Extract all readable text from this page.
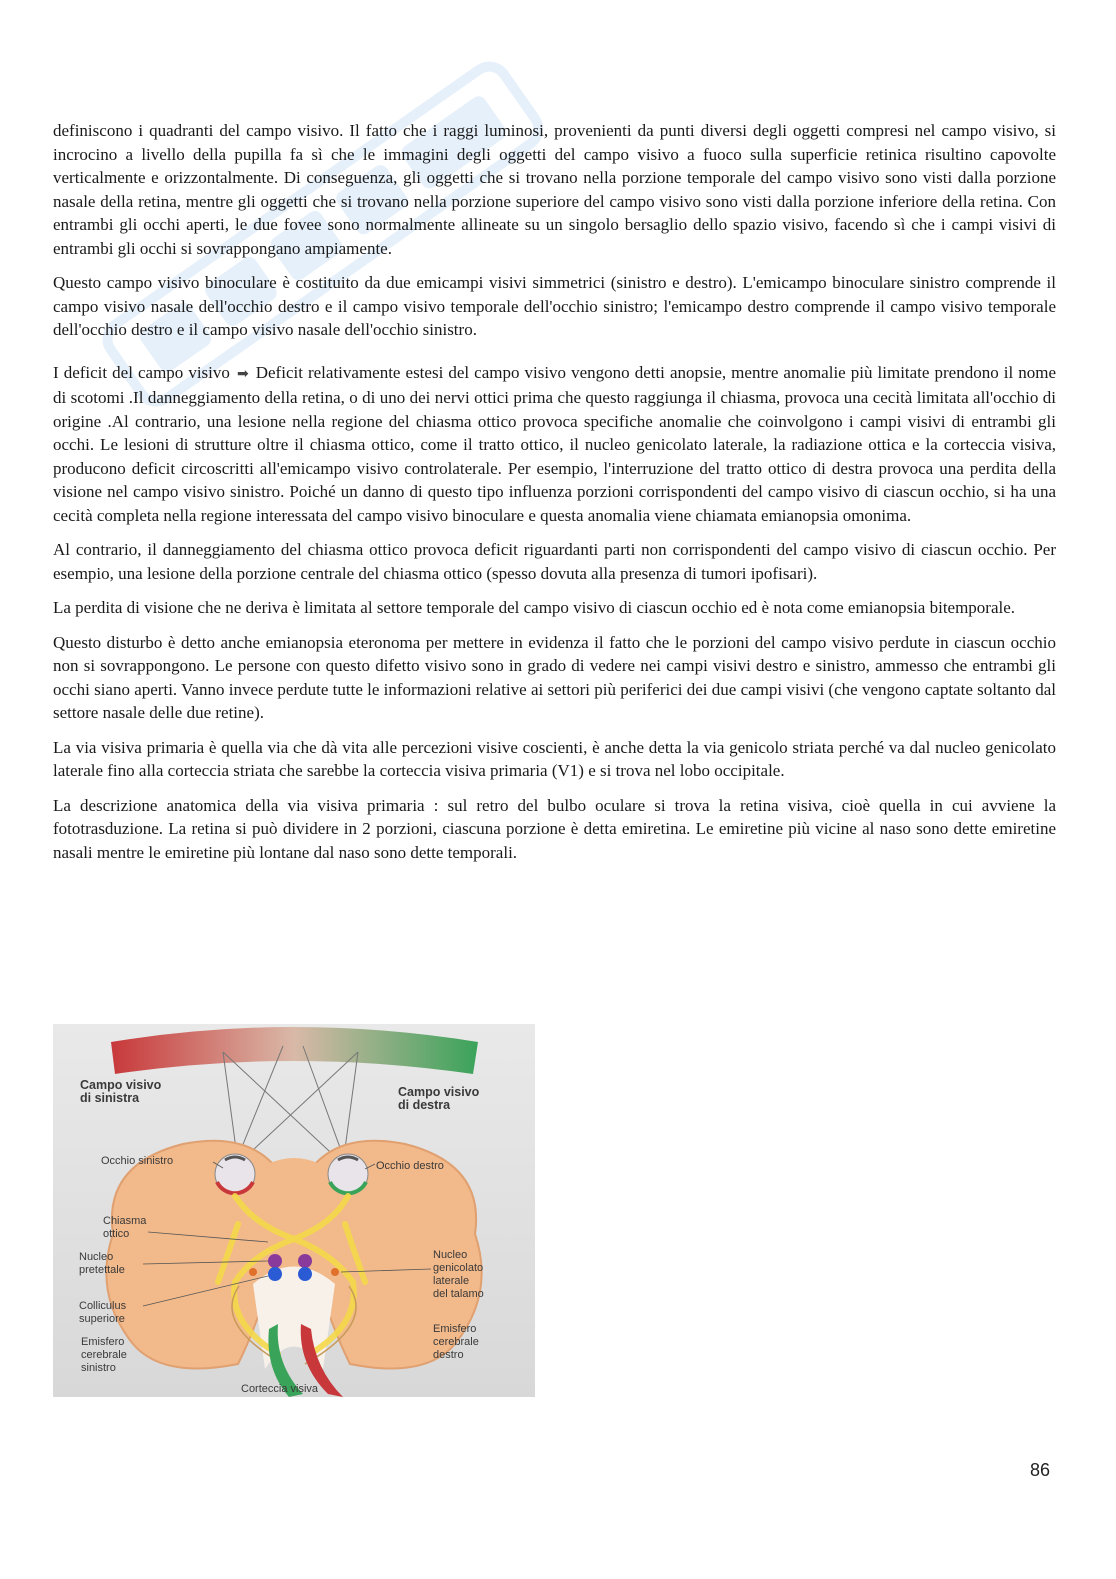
definiscono i quadranti del campo visivo. Il fatto che i raggi luminosi, provenienti da punti diversi degli oggetti compresi nel campo visivo, si incrocino a livello della pupilla fa sì che le immagini degli oggetti del campo visivo a fuoco sulla superficie retinica risultino capovolte verticalmente e orizzontalmente. Di conseguenza, gli oggetti che si trovano nella porzione temporale del campo visivo sono visti dalla porzione nasale della retina, mentre gli oggetti che si trovano nella porzione superiore del campo visivo sono visti dalla porzione inferiore della retina. Con entrambi gli occhi aperti, le due fovee sono normalmente allineate su un singolo bersaglio dello spazio visivo, facendo sì che i campi visivi di entrambi gli occhi si sovrappongano ampiamente.

Questo campo visivo binoculare è costituito da due emicampi visivi simmetrici (sinistro e destro). L'emicampo binoculare sinistro comprende il campo visivo nasale dell'occhio destro e il campo visivo temporale dell'occhio sinistro; l'emicampo destro comprende il campo visivo temporale dell'occhio destro e il campo visivo nasale dell'occhio sinistro.

I deficit del campo visivo ➡ Deficit relativamente estesi del campo visivo vengono detti anopsie, mentre anomalie più limitate prendono il nome di scotomi .Il danneggiamento della retina, o di uno dei nervi ottici prima che questo raggiunga il chiasma, provoca una cecità limitata all'occhio di origine .Al contrario, una lesione nella regione del chiasma ottico provoca specifiche anomalie che coinvolgono i campi visivi di entrambi gli occhi. Le lesioni di strutture oltre il chiasma ottico, come il tratto ottico, il nucleo genicolato laterale, la radiazione ottica e la corteccia visiva, producono deficit circoscritti all'emicampo visivo controlaterale. Per esempio, l'interruzione del tratto ottico di destra provoca una perdita della visione nel campo visivo sinistro. Poiché un danno di questo tipo influenza porzioni corrispondenti del campo visivo di ciascun occhio, si ha una cecità completa nella regione interessata del campo visivo binoculare e questa anomalia viene chiamata emianopsia omonima.

Al contrario, il danneggiamento del chiasma ottico provoca deficit riguardanti parti non corrispondenti del campo visivo di ciascun occhio. Per esempio, una lesione della porzione centrale del chiasma ottico (spesso dovuta alla presenza di tumori ipofisari).

La perdita di visione che ne deriva è limitata al settore temporale del campo visivo di ciascun occhio ed è nota come emianopsia bitemporale.

Questo disturbo è detto anche emianopsia eteronoma per mettere in evidenza il fatto che le porzioni del campo visivo perdute in ciascun occhio non si sovrappongono. Le persone con questo difetto visivo sono in grado di vedere nei campi visivi destro e sinistro, ammesso che entrambi gli occhi siano aperti. Vanno invece perdute tutte le informazioni relative ai settori più periferici dei due campi visivi (che vengono captate soltanto dal settore nasale delle due retine).

La via visiva primaria è quella via che dà vita alle percezioni visive coscienti, è anche detta la via genicolo striata perché va dal nucleo genicolato laterale fino alla corteccia striata che sarebbe la corteccia visiva primaria (V1) e si trova nel lobo occipitale.

La descrizione anatomica della via visiva primaria : sul retro del bulbo oculare si trova la retina visiva, cioè quella in cui avviene la fototrasduzione. La retina si può dividere in 2 porzioni, ciascuna porzione è detta emiretina. Le emiretine più vicine al naso sono dette emiretine nasali mentre le emiretine più lontane dal naso sono dette temporali.

Campo visivo
di sinistra	Campo visivo
di destra
Occhio sinistro	Occhio destro
Chiasma
ottico
Nucleo
pretettale
Colliculus
superiore
Emisfero
cerebrale
sinistro
Nucleo
genicolato
laterale
del talamo
Emisfero
cerebrale
destro
Corteccia visiva
86
